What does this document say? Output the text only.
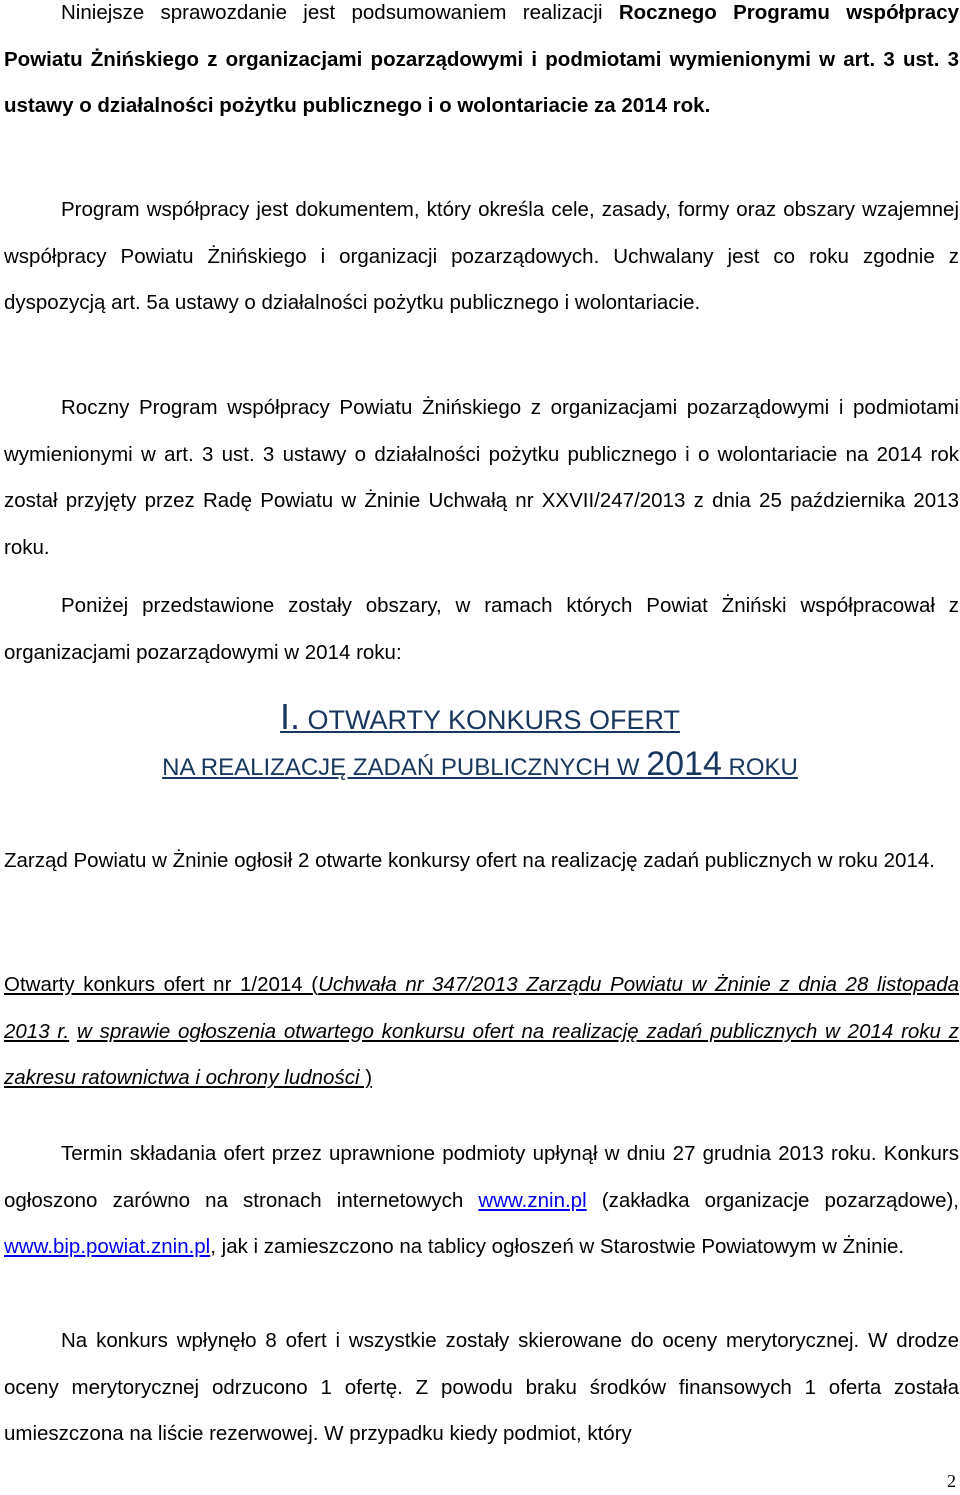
Niniejsze sprawozdanie jest podsumowaniem realizacji Rocznego Programu współpracy Powiatu Żnińskiego z organizacjami pozarządowymi i podmiotami wymienionymi w art. 3 ust. 3 ustawy o działalności pożytku publicznego i o wolontariacie za 2014 rok.

Program współpracy jest dokumentem, który określa cele, zasady, formy oraz obszary wzajemnej współpracy Powiatu Żnińskiego i organizacji pozarządowych. Uchwalany jest co roku zgodnie z dyspozycją art. 5a ustawy o działalności pożytku publicznego i wolontariacie.

Roczny Program współpracy Powiatu Żnińskiego z organizacjami pozarządowymi i podmiotami wymienionymi w art. 3 ust. 3 ustawy o działalności pożytku publicznego i o wolontariacie na 2014 rok został przyjęty przez Radę Powiatu w Żninie Uchwałą nr XXVII/247/2013 z dnia 25 października 2013 roku.

Poniżej przedstawione zostały obszary, w ramach których Powiat Żniński współpracował z organizacjami pozarządowymi w 2014 roku:

I. OTWARTY KONKURS OFERT

NA REALIZACJĘ ZADAŃ PUBLICZNYCH W 2014 ROKU

Zarząd Powiatu w Żninie ogłosił 2 otwarte konkursy ofert na realizację zadań publicznych w roku 2014.

Otwarty konkurs ofert nr 1/2014 (Uchwała nr 347/2013 Zarządu Powiatu w Żninie z dnia 28 listopada 2013 r. w sprawie ogłoszenia otwartego konkursu ofert na realizację zadań publicznych w 2014 roku z zakresu ratownictwa i ochrony ludności )

Termin składania ofert przez uprawnione podmioty upłynął w dniu 27 grudnia 2013 roku. Konkurs ogłoszono zarówno na stronach internetowych www.znin.pl (zakładka organizacje pozarządowe), www.bip.powiat.znin.pl, jak i zamieszczono na tablicy ogłoszeń w Starostwie Powiatowym w Żninie.

Na konkurs wpłynęło 8 ofert i wszystkie zostały skierowane do oceny merytorycznej. W drodze oceny merytorycznej odrzucono 1 ofertę. Z powodu braku środków finansowych 1 oferta została umieszczona na liście rezerwowej. W przypadku kiedy podmiot, który

2
